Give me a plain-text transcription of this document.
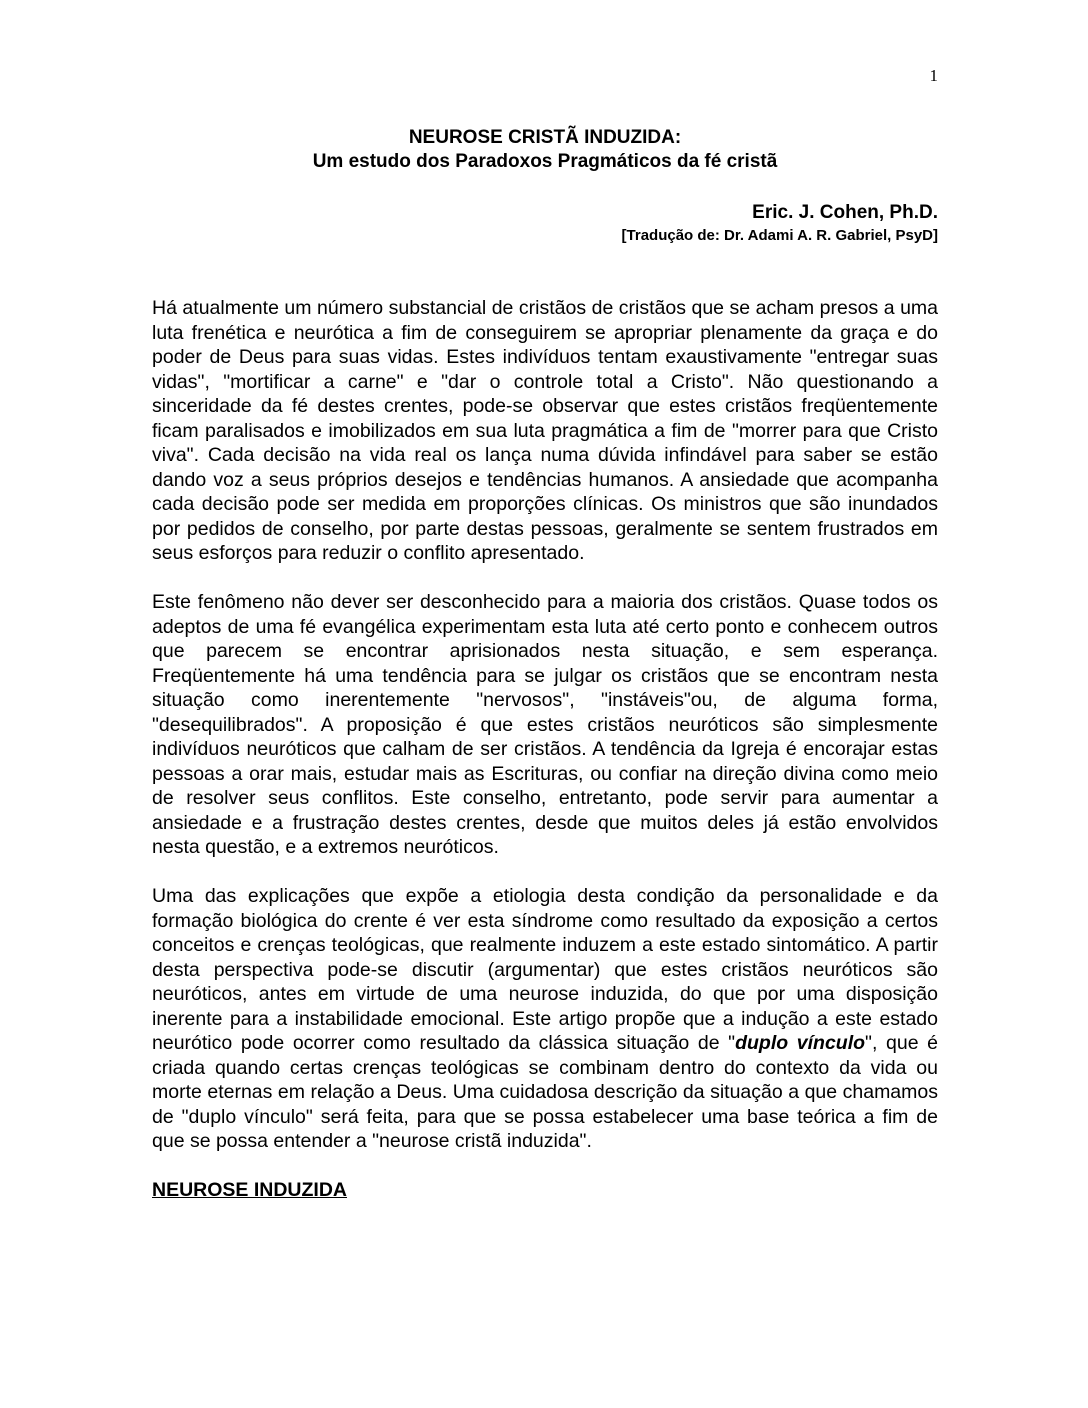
1
NEUROSE CRISTÃ INDUZIDA:
Um estudo dos Paradoxos Pragmáticos da fé cristã
Eric. J. Cohen, Ph.D.
[Tradução de: Dr. Adami A. R. Gabriel, PsyD]

Há atualmente um número substancial de cristãos de cristãos que se acham presos a uma luta frenética e neurótica a fim de conseguirem se apropriar plenamente da graça e do poder de Deus para suas vidas. Estes indivíduos tentam exaustivamente "entregar suas vidas", "mortificar a carne" e "dar o controle total a Cristo". Não questionando a sinceridade da fé destes crentes, pode-se observar que estes cristãos freqüentemente ficam paralisados e imobilizados em sua luta pragmática a fim de "morrer para que Cristo viva". Cada decisão na vida real os lança numa dúvida infindável para saber se estão dando voz a seus próprios desejos e tendências humanos. A ansiedade que acompanha cada decisão pode ser medida em proporções clínicas. Os ministros que são inundados por pedidos de conselho, por parte destas pessoas, geralmente se sentem frustrados em seus esforços para reduzir o conflito apresentado.

Este fenômeno não dever ser desconhecido para a maioria dos cristãos. Quase todos os adeptos de uma fé evangélica experimentam esta luta até certo ponto e conhecem outros que parecem se encontrar aprisionados nesta situação, e sem esperança. Freqüentemente há uma tendência para se julgar os cristãos que se encontram nesta situação como inerentemente "nervosos", "instáveis"ou, de alguma forma, "desequilibrados". A proposição é que estes cristãos neuróticos são simplesmente indivíduos neuróticos que calham de ser cristãos. A tendência da Igreja é encorajar estas pessoas a orar mais, estudar mais as Escrituras, ou confiar na direção divina como meio de resolver seus conflitos. Este conselho, entretanto, pode servir para aumentar a ansiedade e a frustração destes crentes, desde que muitos deles já estão envolvidos nesta questão, e a extremos neuróticos.

Uma das explicações que expõe a etiologia desta condição da personalidade e da formação biológica do crente é ver esta síndrome como resultado da exposição a certos conceitos e crenças teológicas, que realmente induzem a este estado sintomático. A partir desta perspectiva pode-se discutir (argumentar) que estes cristãos neuróticos são neuróticos, antes em virtude de uma neurose induzida, do que por uma disposição inerente para a instabilidade emocional. Este artigo propõe que a indução a este estado neurótico pode ocorrer como resultado da clássica situação de "duplo vínculo", que é criada quando certas crenças teológicas se combinam dentro do contexto da vida ou morte eternas em relação a Deus. Uma cuidadosa descrição da situação a que chamamos de "duplo vínculo" será feita, para que se possa estabelecer uma base teórica a fim de que se possa entender a "neurose cristã induzida".

NEUROSE INDUZIDA
